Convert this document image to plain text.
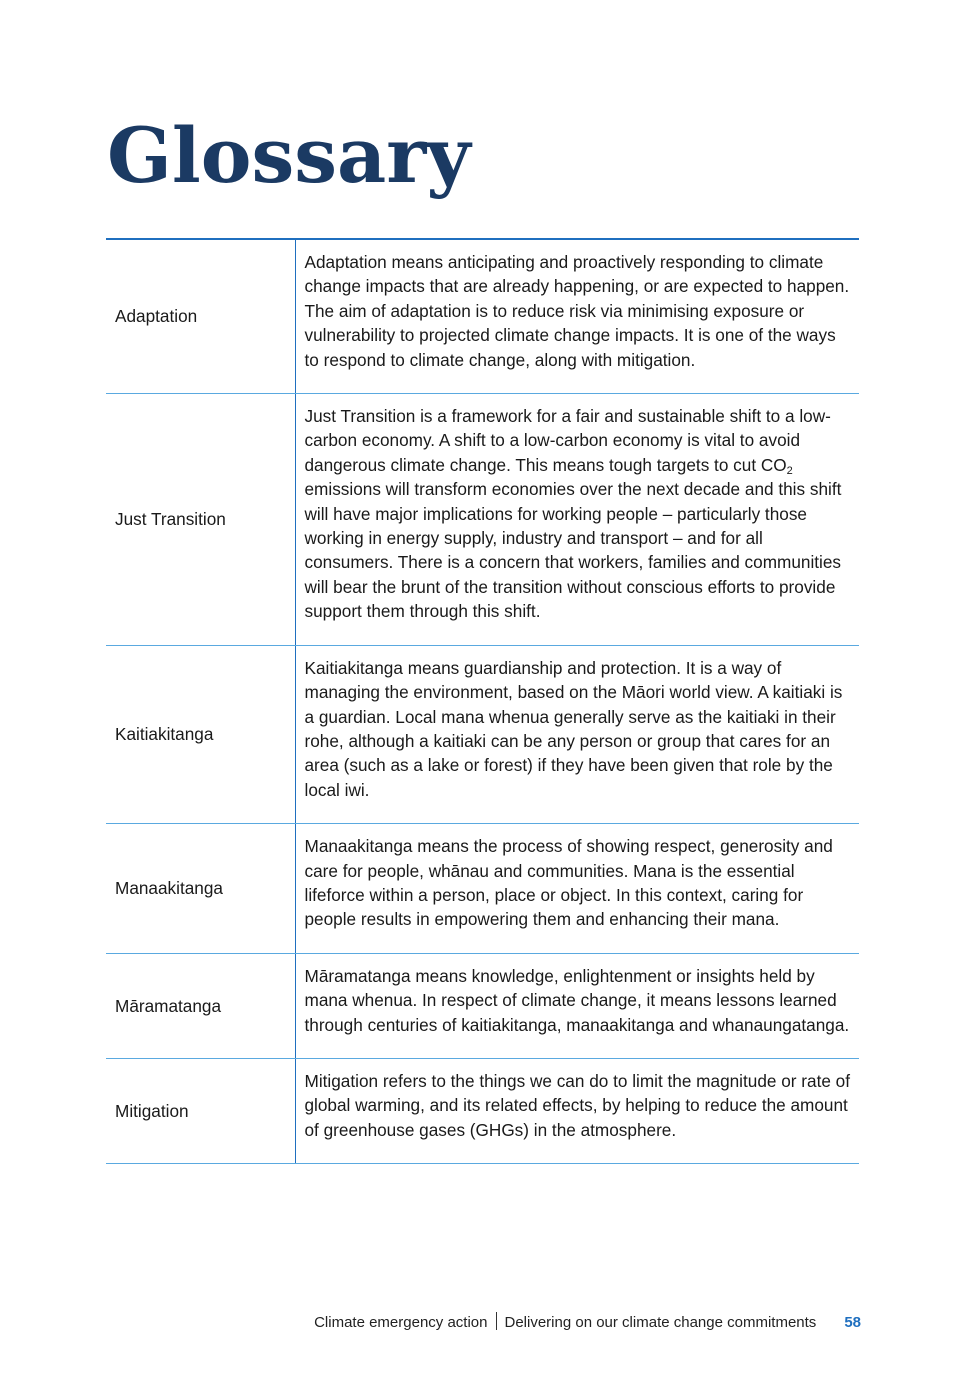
Glossary
Adaptation	Adaptation means anticipating and proactively responding to climate change impacts that are already happening, or are expected to happen. The aim of adaptation is to reduce risk via minimising exposure or vulnerability to projected climate change impacts. It is one of the ways to respond to climate change, along with mitigation.
Just Transition	Just Transition is a framework for a fair and sustainable shift to a low-carbon economy. A shift to a low-carbon economy is vital to avoid dangerous climate change. This means tough targets to cut $CO_2$ emissions will transform economies over the next decade and this shift will have major implications for working people – particularly those working in energy supply, industry and transport – and for all consumers. There is a concern that workers, families and communities will bear the brunt of the transition without conscious efforts to provide support them through this shift.
Kaitiakitanga	Kaitiakitanga means guardianship and protection. It is a way of managing the environment, based on the Māori world view. A kaitiaki is a guardian. Local mana whenua generally serve as the kaitiaki in their rohe, although a kaitiaki can be any person or group that cares for an area (such as a lake or forest) if they have been given that role by the local iwi.
Manaakitanga	Manaakitanga means the process of showing respect, generosity and care for people, whānau and communities. Mana is the essential lifeforce within a person, place or object. In this context, caring for people results in empowering them and enhancing their mana.
Māramatanga	Māramatanga means knowledge, enlightenment or insights held by mana whenua. In respect of climate change, it means lessons learned through centuries of kaitiakitanga, manaakitanga and whanaungatanga.
Mitigation	Mitigation refers to the things we can do to limit the magnitude or rate of global warming, and its related effects, by helping to reduce the amount of greenhouse gases (GHGs) in the atmosphere.
Climate emergency action Delivering on our climate change commitments 58
